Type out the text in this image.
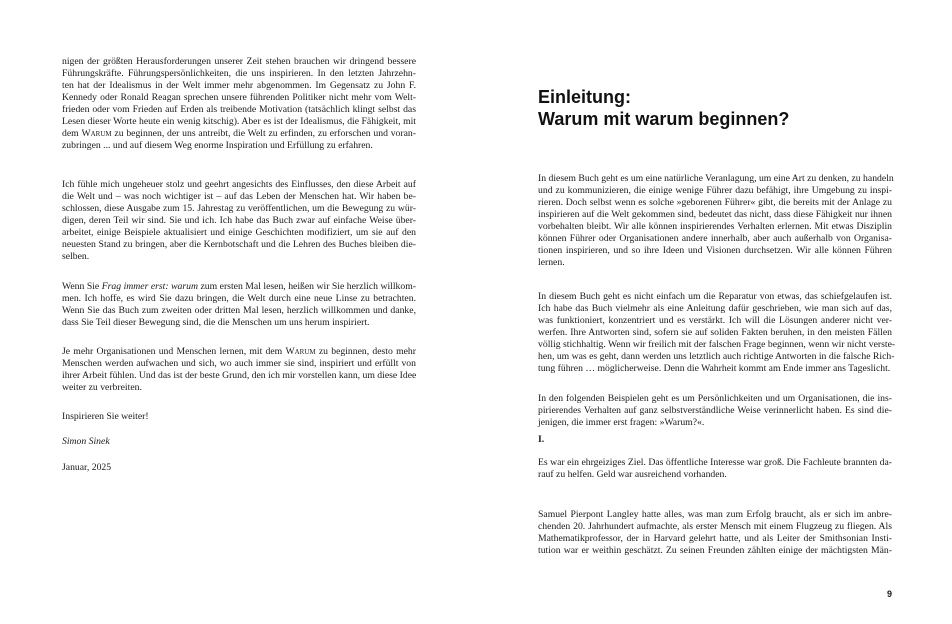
nigen der größten Herausforderungen unserer Zeit stehen brauchen wir dringend bessere
Führungskräfte. Führungspersönlichkeiten, die uns inspirieren. In den letzten Jahrzehn-
ten hat der Idealismus in der Welt immer mehr abgenommen. Im Gegensatz zu John F.
Kennedy oder Ronald Reagan sprechen unsere führenden Politiker nicht mehr vom Welt-
frieden oder vom Frieden auf Erden als treibende Motivation (tatsächlich klingt selbst das
Lesen dieser Worte heute ein wenig kitschig). Aber es ist der Idealismus, die Fähigkeit, mit
dem Warum zu beginnen, der uns antreibt, die Welt zu erfinden, zu erforschen und voran-
zubringen ... und auf diesem Weg enorme Inspiration und Erfüllung zu erfahren.
Ich fühle mich ungeheuer stolz und geehrt angesichts des Einflusses, den diese Arbeit auf
die Welt und – was noch wichtiger ist – auf das Leben der Menschen hat. Wir haben be-
schlossen, diese Ausgabe zum 15. Jahrestag zu veröffentlichen, um die Bewegung zu wür-
digen, deren Teil wir sind. Sie und ich. Ich habe das Buch zwar auf einfache Weise über-
arbeitet, einige Beispiele aktualisiert und einige Geschichten modifiziert, um sie auf den
neuesten Stand zu bringen, aber die Kernbotschaft und die Lehren des Buches bleiben die-
selben.
Wenn Sie Frag immer erst: warum zum ersten Mal lesen, heißen wir Sie herzlich willkom-
men. Ich hoffe, es wird Sie dazu bringen, die Welt durch eine neue Linse zu betrachten.
Wenn Sie das Buch zum zweiten oder dritten Mal lesen, herzlich willkommen und danke,
dass Sie Teil dieser Bewegung sind, die die Menschen um uns herum inspiriert.
Je mehr Organisationen und Menschen lernen, mit dem Warum zu beginnen, desto mehr
Menschen werden aufwachen und sich, wo auch immer sie sind, inspiriert und erfüllt von
ihrer Arbeit fühlen. Und das ist der beste Grund, den ich mir vorstellen kann, um diese Idee
weiter zu verbreiten.
Inspirieren Sie weiter!
Simon Sinek
Januar, 2025
Einleitung:
Warum mit warum beginnen?
9
In diesem Buch geht es um eine natürliche Veranlagung, um eine Art zu denken, zu handeln
und zu kommunizieren, die einige wenige Führer dazu befähigt, ihre Umgebung zu inspi-
rieren. Doch selbst wenn es solche »geborenen Führer« gibt, die bereits mit der Anlage zu
inspirieren auf die Welt gekommen sind, bedeutet das nicht, dass diese Fähigkeit nur ihnen
vorbehalten bleibt. Wir alle können inspirierendes Verhalten erlernen. Mit etwas Disziplin
können Führer oder Organisationen andere innerhalb, aber auch außerhalb von Organisa-
tionen inspirieren, und so ihre Ideen und Visionen durchsetzen. Wir alle können Führen
lernen.
In diesem Buch geht es nicht einfach um die Reparatur von etwas, das schiefgelaufen ist.
Ich habe das Buch vielmehr als eine Anleitung dafür geschrieben, wie man sich auf das,
was funktioniert, konzentriert und es verstärkt. Ich will die Lösungen anderer nicht ver-
werfen. Ihre Antworten sind, sofern sie auf soliden Fakten beruhen, in den meisten Fällen
völlig stichhaltig. Wenn wir freilich mit der falschen Frage beginnen, wenn wir nicht verste-
hen, um was es geht, dann werden uns letztlich auch richtige Antworten in die falsche Rich-
tung führen … möglicherweise. Denn die Wahrheit kommt am Ende immer ans Tageslicht.
In den folgenden Beispielen geht es um Persönlichkeiten und um Organisationen, die ins-
pirierendes Verhalten auf ganz selbstverständliche Weise verinnerlicht haben. Es sind die-
jenigen, die immer erst fragen: »Warum?«.
I.
Es war ein ehrgeiziges Ziel. Das öffentliche Interesse war groß. Die Fachleute brannten da-
rauf zu helfen. Geld war ausreichend vorhanden.
Samuel Pierpont Langley hatte alles, was man zum Erfolg braucht, als er sich im anbre-
chenden 20. Jahrhundert aufmachte, als erster Mensch mit einem Flugzeug zu fliegen. Als
Mathematikprofessor, der in Harvard gelehrt hatte, und als Leiter der Smithsonian Insti-
tution war er weithin geschätzt. Zu seinen Freunden zählten einige der mächtigsten Män-
